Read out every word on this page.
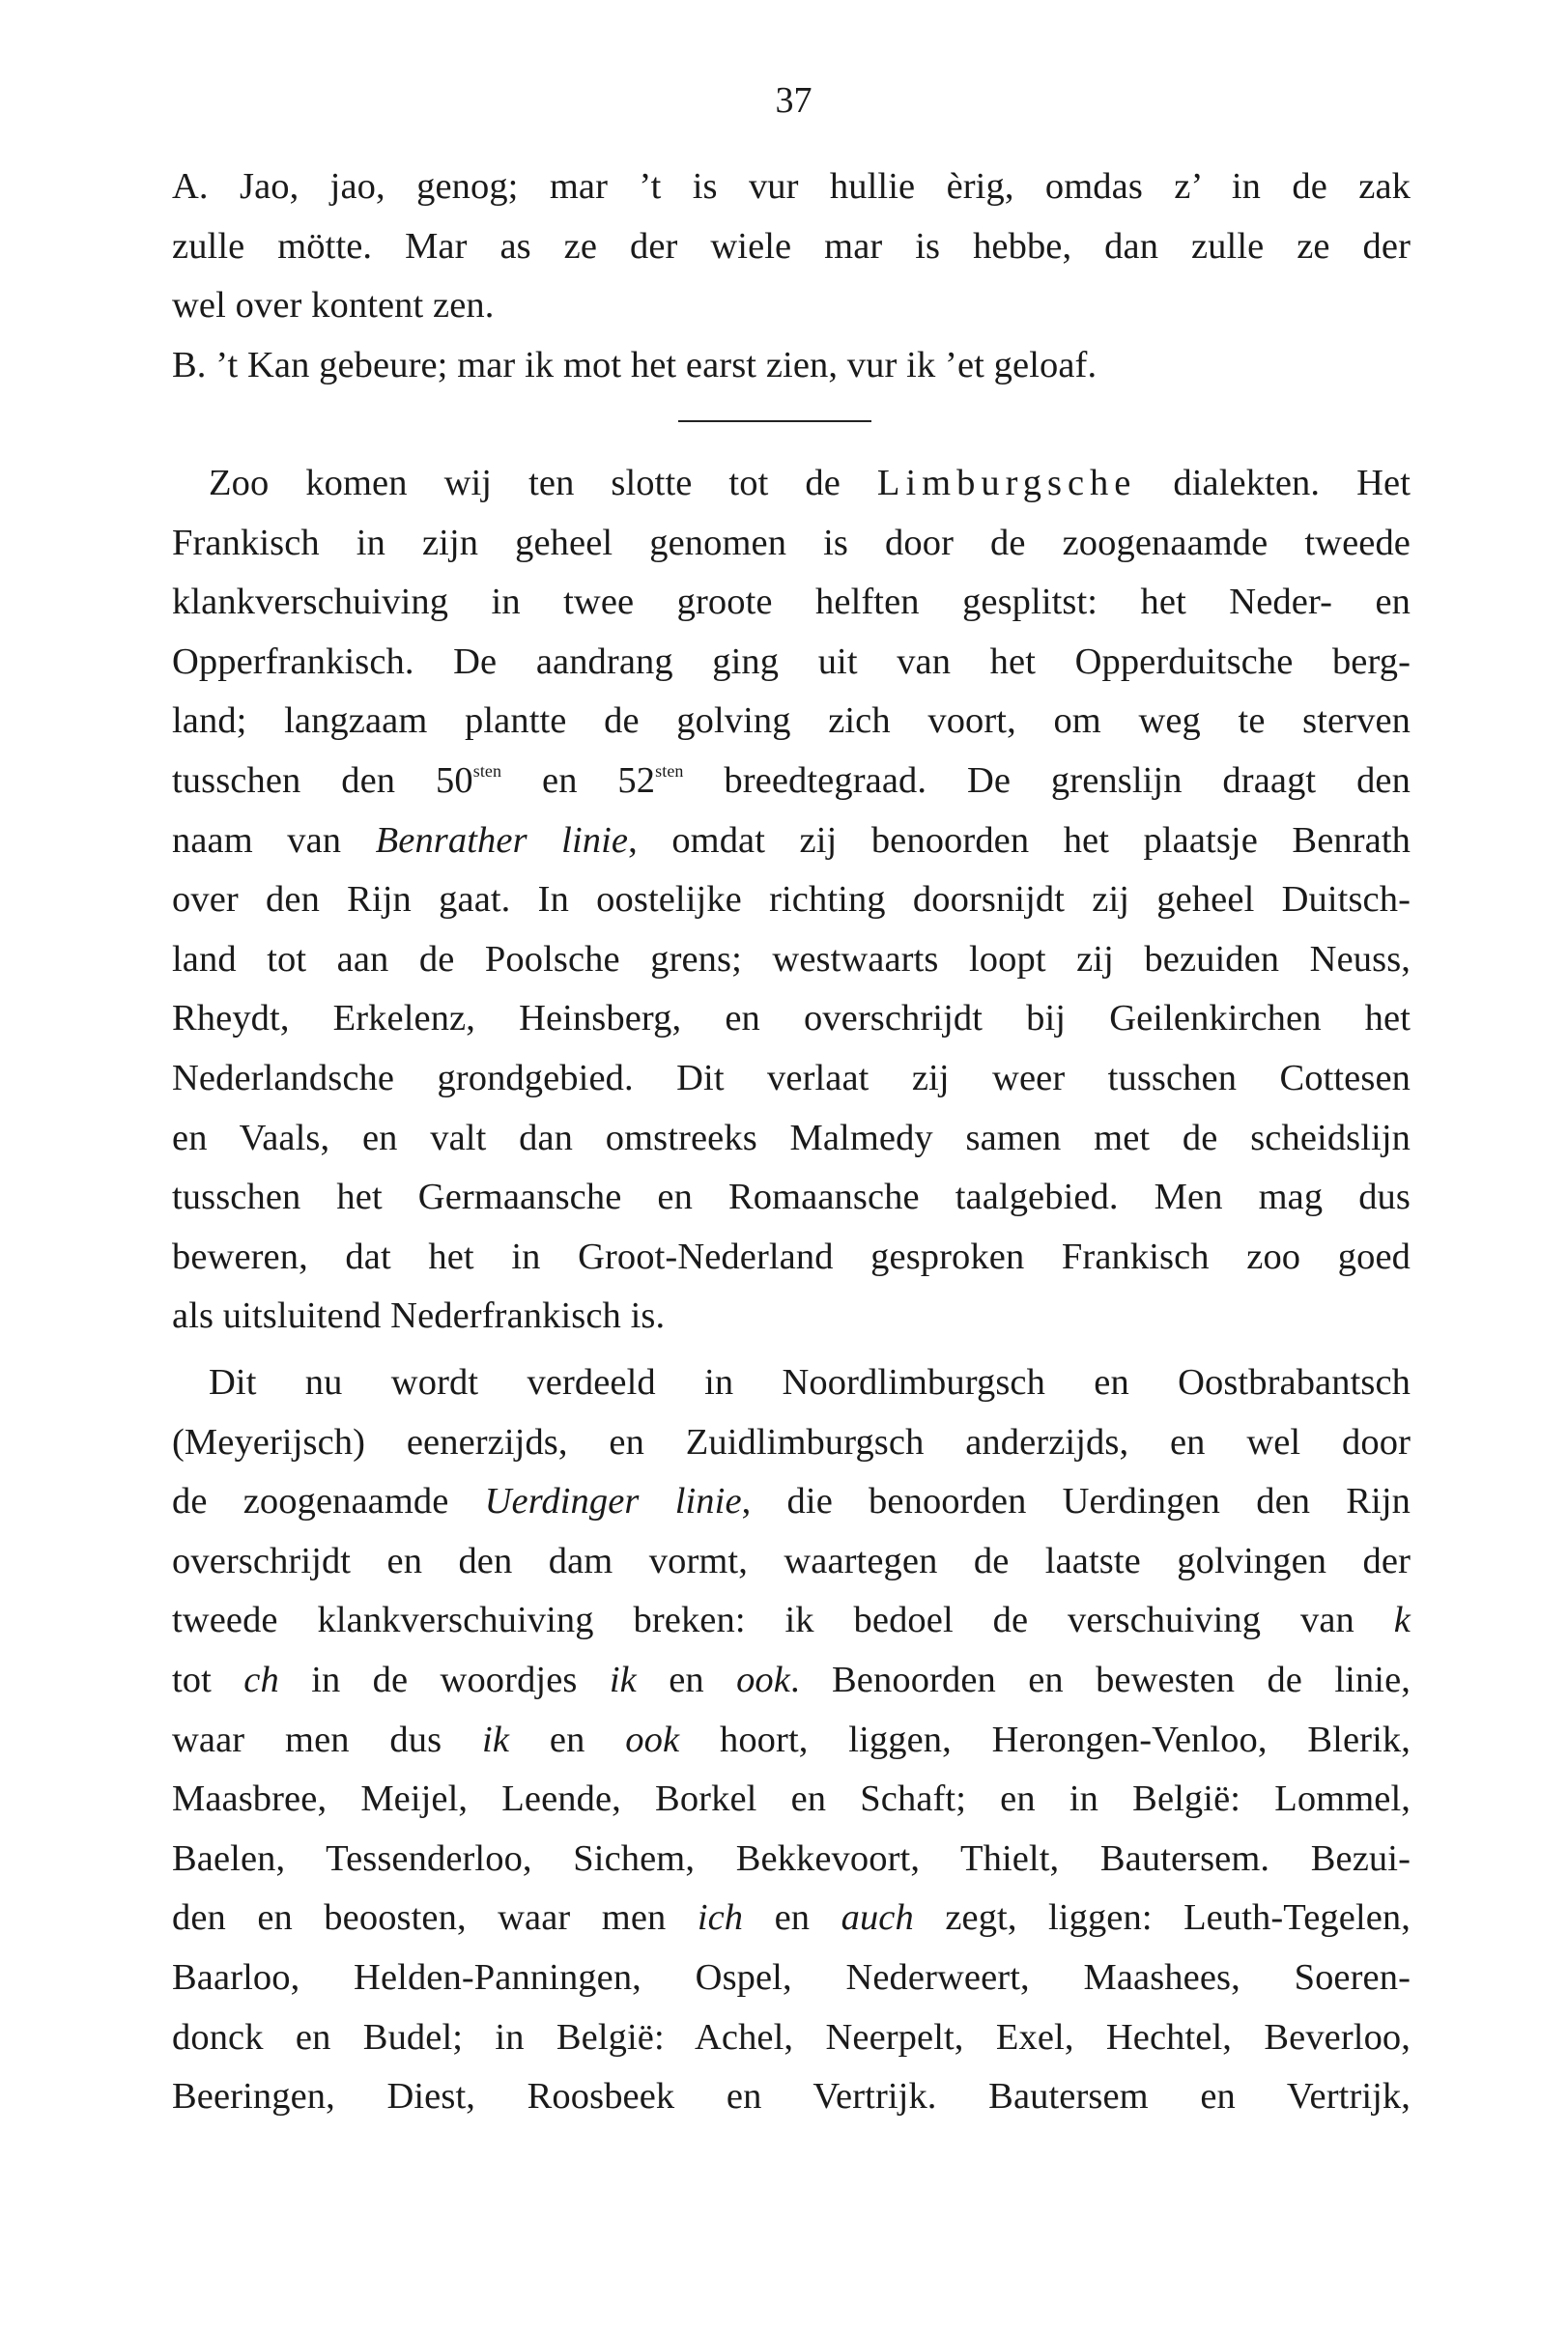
37
A. Jao, jao, genog; mar ’t is vur hullie èrig, omdas z’ in de zak
zulle mötte. Mar as ze der wiele mar is hebbe, dan zulle ze der
wel over kontent zen.
B. ’t Kan gebeure; mar ik mot het earst zien, vur ik ’et geloaf.
Zoo komen wij ten slotte tot de Limburgsche dialekten. Het
Frankisch in zijn geheel genomen is door de zoogenaamde tweede
klankverschuiving in twee groote helften gesplitst: het Neder- en
Opperfrankisch. De aandrang ging uit van het Opperduitsche berg-
land; langzaam plantte de golving zich voort, om weg te sterven
tusschen den $50^{sten}$ en $52^{sten}$ breedtegraad. De grenslijn draagt den
naam van Benrather linie, omdat zij benoorden het plaatsje Benrath
over den Rijn gaat. In oostelijke richting doorsnijdt zij geheel Duitsch-
land tot aan de Poolsche grens; westwaarts loopt zij bezuiden Neuss,
Rheydt, Erkelenz, Heinsberg, en overschrijdt bij Geilenkirchen het
Nederlandsche grondgebied. Dit verlaat zij weer tusschen Cottesen
en Vaals, en valt dan omstreeks Malmedy samen met de scheidslijn
tusschen het Germaansche en Romaansche taalgebied. Men mag dus
beweren, dat het in Groot-Nederland gesproken Frankisch zoo goed
als uitsluitend Nederfrankisch is.
Dit nu wordt verdeeld in Noordlimburgsch en Oostbrabantsch
(Meyerijsch) eenerzijds, en Zuidlimburgsch anderzijds, en wel door
de zoogenaamde Uerdinger linie, die benoorden Uerdingen den Rijn
overschrijdt en den dam vormt, waartegen de laatste golvingen der
tweede klankverschuiving breken: ik bedoel de verschuiving van k
tot ch in de woordjes ik en ook. Benoorden en bewesten de linie,
waar men dus ik en ook hoort, liggen, Herongen-Venloo, Blerik,
Maasbree, Meijel, Leende, Borkel en Schaft; en in België: Lommel,
Baelen, Tessenderloo, Sichem, Bekkevoort, Thielt, Bautersem. Bezui-
den en beoosten, waar men ich en auch zegt, liggen: Leuth-Tegelen,
Baarloo, Helden-Panningen, Ospel, Nederweert, Maashees, Soeren-
donck en Budel; in België: Achel, Neerpelt, Exel, Hechtel, Beverloo,
Beeringen, Diest, Roosbeek en Vertrijk. Bautersem en Vertrijk,
